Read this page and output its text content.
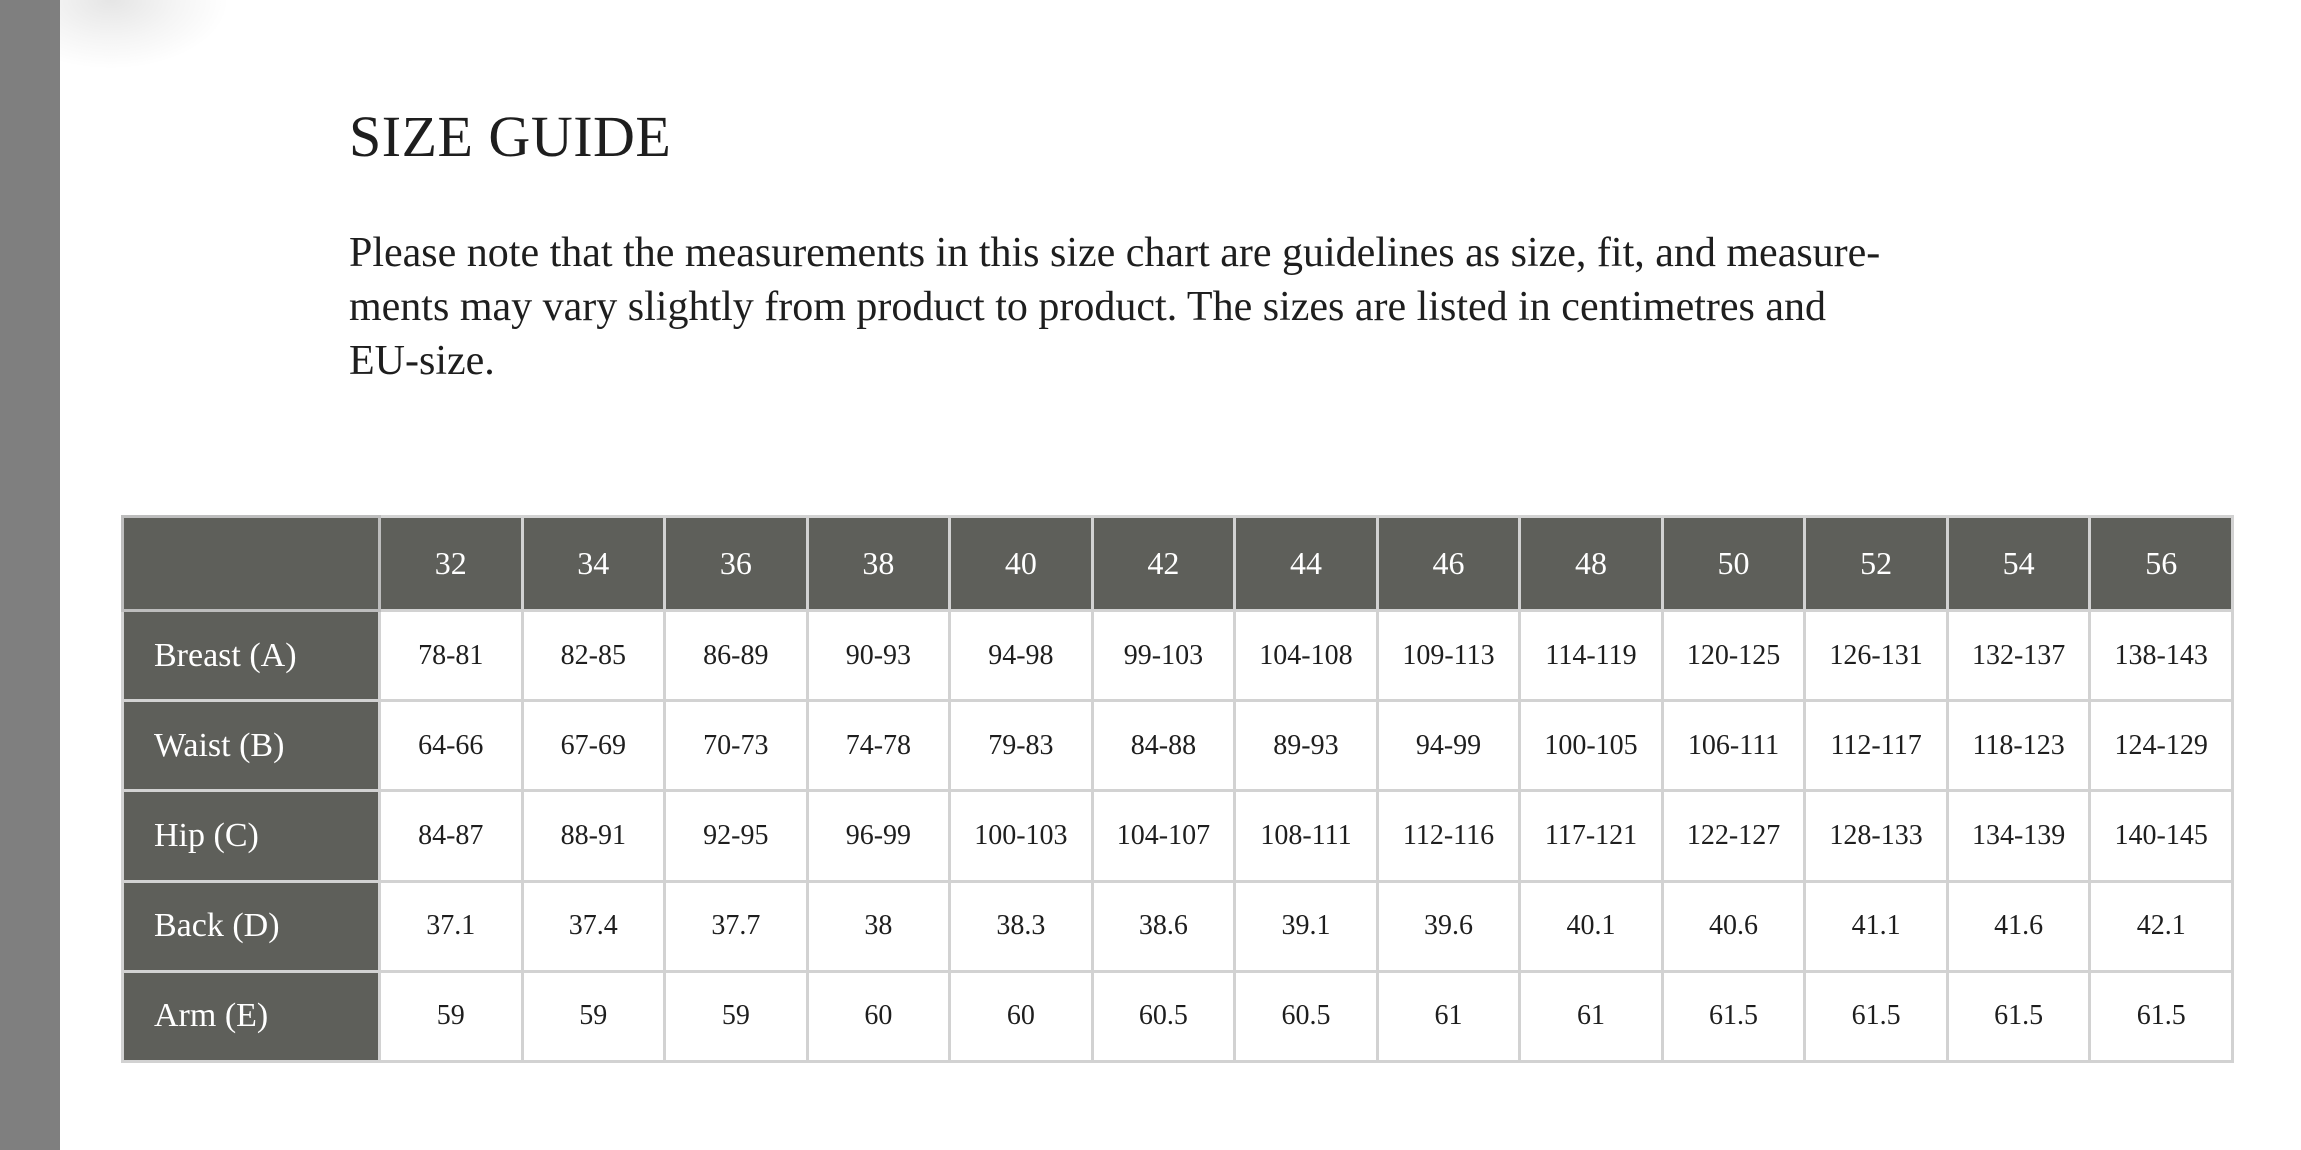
SIZE GUIDE

Please note that the measurements in this size chart are guidelines as size, fit, and measure-
ments may vary slightly from product to product. The sizes are listed in centimetres and
EU-size.

	32	34	36	38	40	42	44	46	48	50	52	54	56
Breast (A)	78-81	82-85	86-89	90-93	94-98	99-103	104-108	109-113	114-119	120-125	126-131	132-137	138-143
Waist (B)	64-66	67-69	70-73	74-78	79-83	84-88	89-93	94-99	100-105	106-111	112-117	118-123	124-129
Hip (C)	84-87	88-91	92-95	96-99	100-103	104-107	108-111	112-116	117-121	122-127	128-133	134-139	140-145
Back (D)	37.1	37.4	37.7	38	38.3	38.6	39.1	39.6	40.1	40.6	41.1	41.6	42.1
Arm (E)	59	59	59	60	60	60.5	60.5	61	61	61.5	61.5	61.5	61.5
